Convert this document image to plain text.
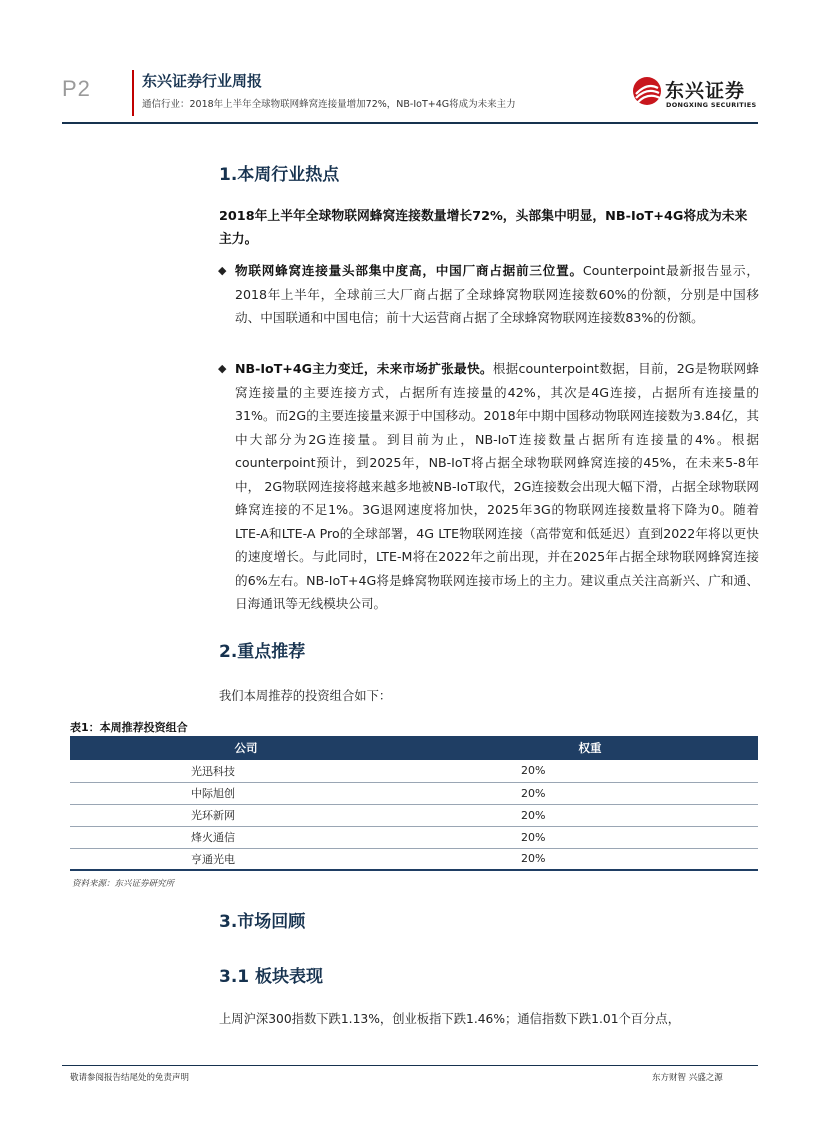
P2	东兴证券行业周报
通信行业：2018年上半年全球物联网蜂窝连接量增加72%，NB-IoT+4G将成为未来主力
东兴证券
DONGXING SECURITIES
1.本周行业热点
2018年上半年全球物联网蜂窝连接数量增长72%，头部集中明显，NB-IoT+4G将成为未来主力。
◆ 物联网蜂窝连接量头部集中度高，中国厂商占据前三位置。Counterpoint最新报告显示，2018年上半年，全球前三大厂商占据了全球蜂窝物联网连接数60%的份额，分别是中国移动、中国联通和中国电信；前十大运营商占据了全球蜂窝物联网连接数83%的份额。
◆ NB-IoT+4G主力变迁，未来市场扩张最快。根据counterpoint数据，目前，2G是物联网蜂窝连接量的主要连接方式，占据所有连接量的42%，其次是4G连接，占据所有连接量的31%。而2G的主要连接量来源于中国移动。2018年中期中国移动物联网连接数为3.84亿，其中大部分为2G连接量。到目前为止，NB-IoT连接数量占据所有连接量的4%。根据counterpoint预计，到2025年，NB-IoT将占据全球物联网蜂窝连接的45%，在未来5-8年中， 2G物联网连接将越来越多地被NB-IoT取代，2G连接数会出现大幅下滑，占据全球物联网蜂窝连接的不足1%。3G退网速度将加快，2025年3G的物联网连接数量将下降为0。随着LTE-A和LTE-A Pro的全球部署，4G LTE物联网连接（高带宽和低延迟）直到2022年将以更快的速度增长。与此同时，LTE-M将在2022年之前出现，并在2025年占据全球物联网蜂窝连接的6%左右。NB-IoT+4G将是蜂窝物联网连接市场上的主力。建议重点关注高新兴、广和通、日海通讯等无线模块公司。
2.重点推荐
我们本周推荐的投资组合如下：
表1：本周推荐投资组合
公司	权重
光迅科技	20%
中际旭创	20%
光环新网	20%
烽火通信	20%
亨通光电	20%
资料来源：东兴证券研究所
3.市场回顾
3.1 板块表现
上周沪深300指数下跌1.13%，创业板指下跌1.46%；通信指数下跌1.01个百分点，
敬请参阅报告结尾处的免责声明	东方财智 兴盛之源
